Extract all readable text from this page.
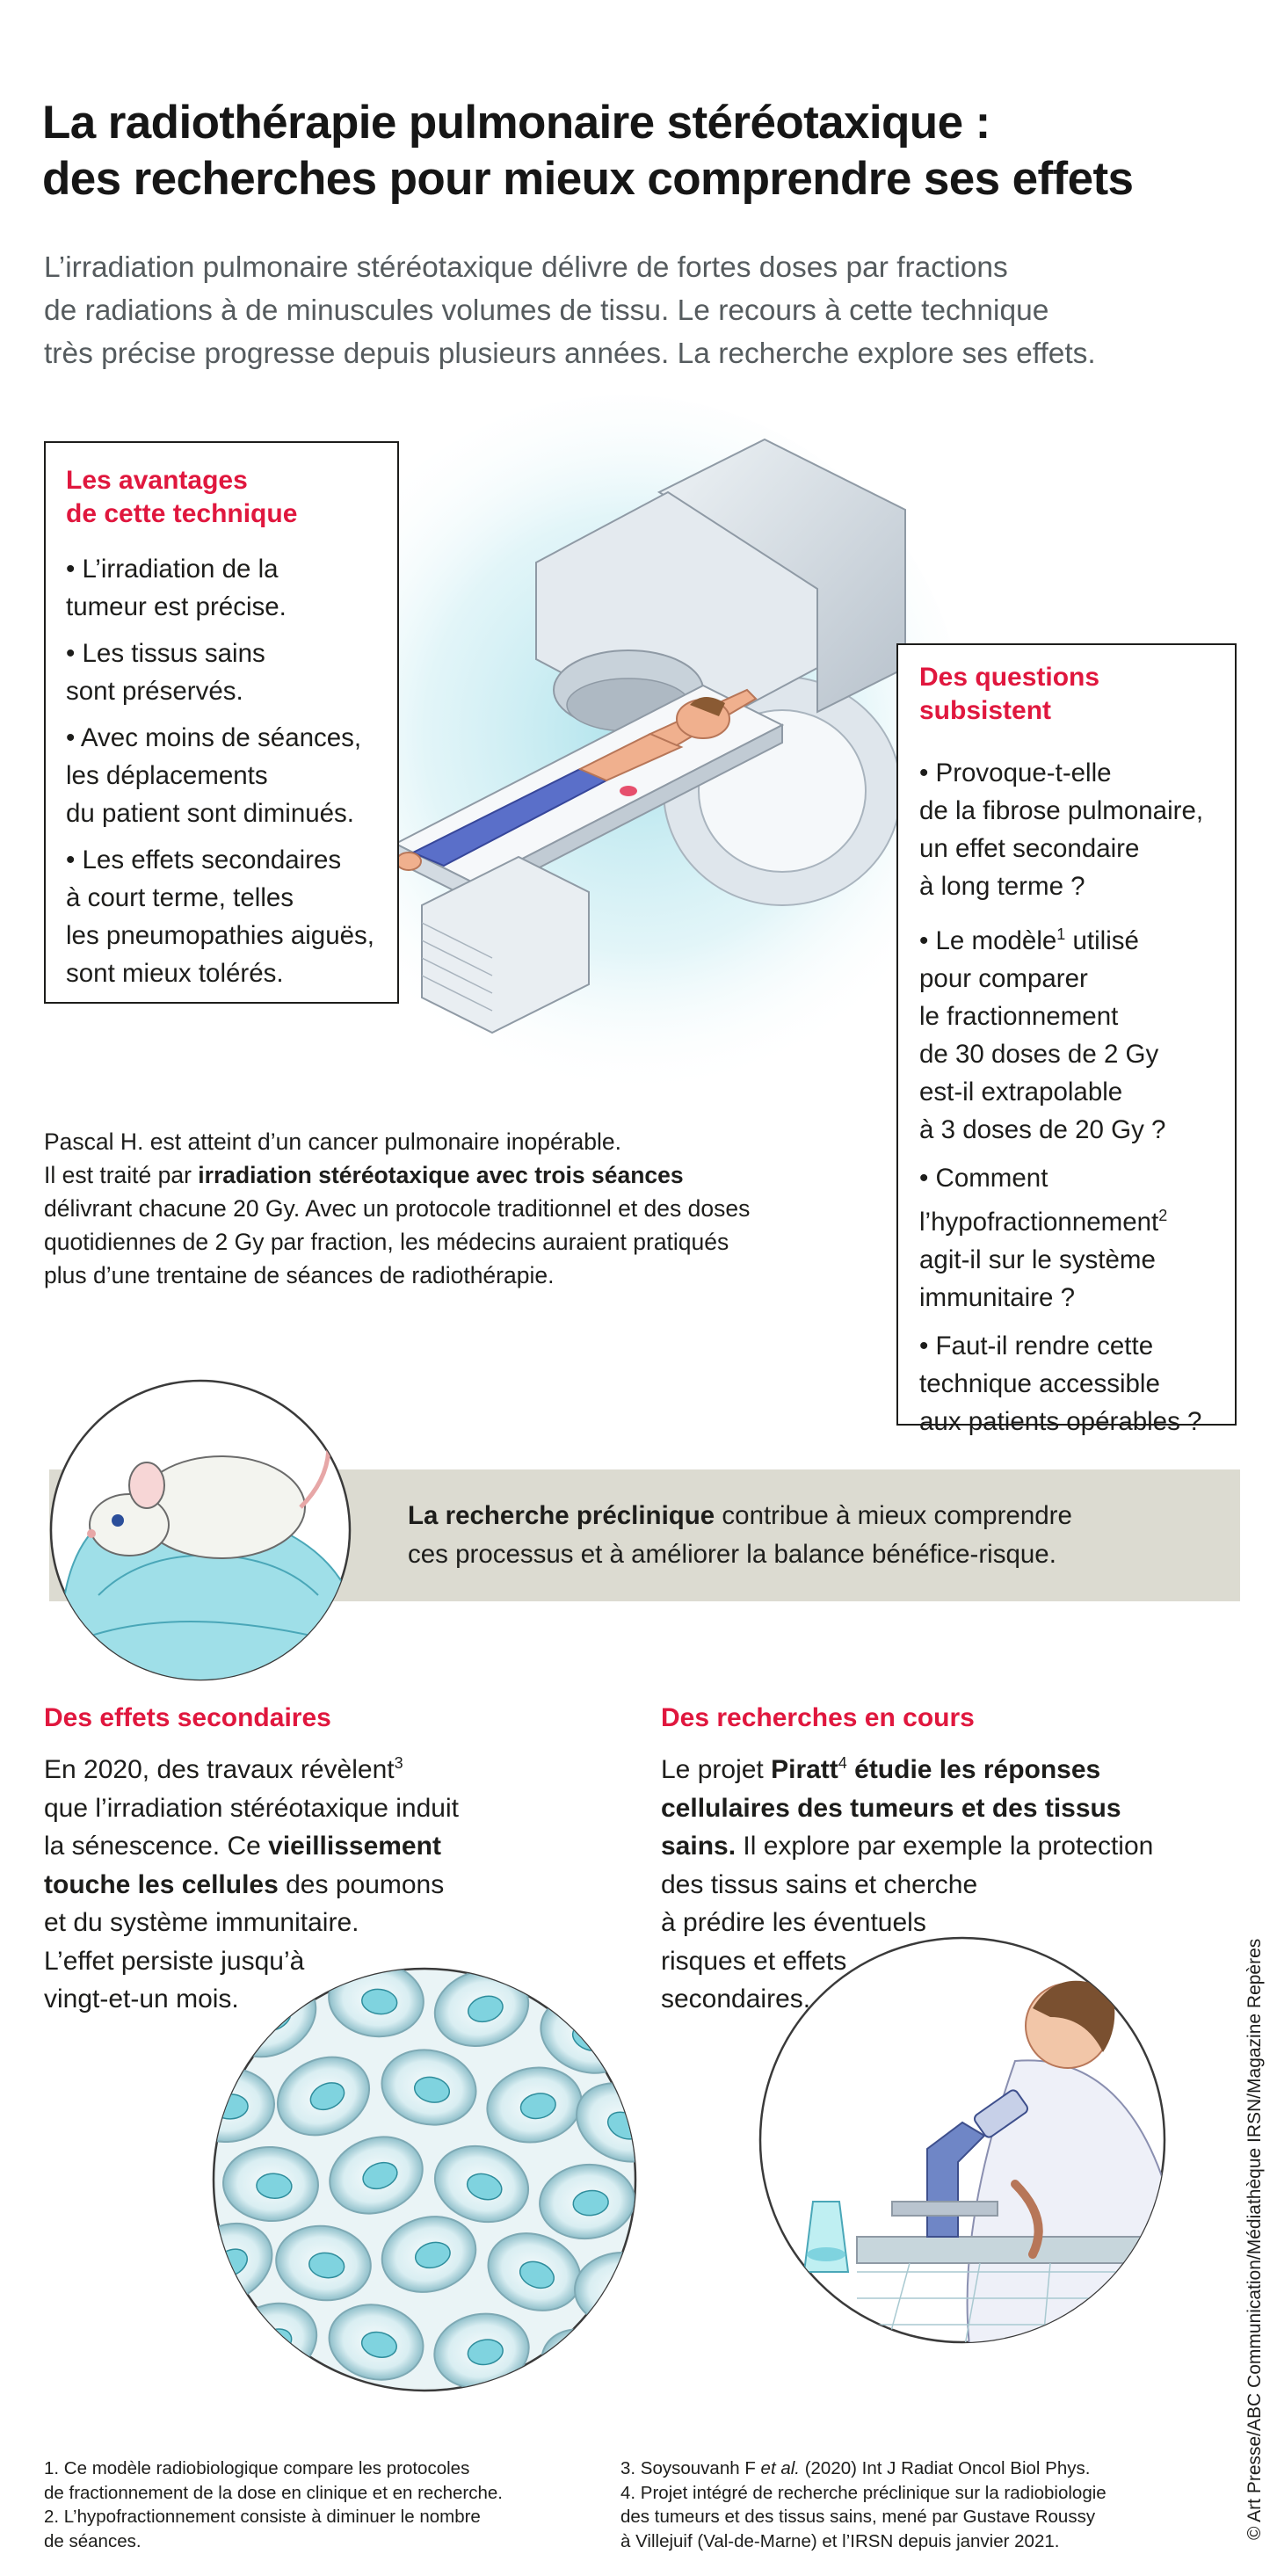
La radiothérapie pulmonaire stéréotaxique :
des recherches pour mieux comprendre ses effets

L’irradiation pulmonaire stéréotaxique délivre de fortes doses par fractions
de radiations à de minuscules volumes de tissu. Le recours à cette technique
très précise progresse depuis plusieurs années. La recherche explore ses effets.

Les avantages
de cette technique
• L’irradiation de la
tumeur est précise.
• Les tissus sains
sont préservés.
• Avec moins de séances,
les déplacements
du patient sont diminués.
• Les effets secondaires
à court terme, telles
les pneumopathies aiguës,
sont mieux tolérés.
Des questions
subsistent
• Provoque-t-elle
de la fibrose pulmonaire,
un effet secondaire
à long terme ?
• Le modèle$^1$ utilisé
pour comparer
le fractionnement
de 30 doses de 2 Gy
est-il extrapolable
à 3 doses de 20 Gy ?
• Comment
l’hypofractionnement$^2$
agit-il sur le système
immunitaire ?
• Faut-il rendre cette
technique accessible
aux patients opérables ?

Pascal H. est atteint d’un cancer pulmonaire inopérable.
Il est traité par irradiation stéréotaxique avec trois séances
délivrant chacune 20 Gy. Avec un protocole traditionnel et des doses
quotidiennes de 2 Gy par fraction, les médecins auraient pratiqués
plus d’une trentaine de séances de radiothérapie.

La recherche préclinique contribue à mieux comprendre
ces processus et à améliorer la balance bénéfice-risque.

Des effets secondaires

En 2020, des travaux révèlent$^3$
que l’irradiation stéréotaxique induit
la sénescence. Ce vieillissement
touche les cellules des poumons
et du système immunitaire.
L’effet persiste jusqu’à
vingt-et-un mois.

Des recherches en cours

Le projet Piratt$^4$ étudie les réponses
cellulaires des tumeurs et des tissus
sains. Il explore par exemple la protection
des tissus sains et cherche
à prédire les éventuels
risques et effets
secondaires.

1. Ce modèle radiobiologique compare les protocoles
de fractionnement de la dose en clinique et en recherche.
2. L’hypofractionnement consiste à diminuer le nombre
de séances.

3. Soysouvanh F et al. (2020) Int J Radiat Oncol Biol Phys.
4. Projet intégré de recherche préclinique sur la radiobiologie
des tumeurs et des tissus sains, mené par Gustave Roussy
à Villejuif (Val-de-Marne) et l’IRSN depuis janvier 2021.

© Art Presse/ABC Communication/Médiathèque IRSN/Magazine Repères
